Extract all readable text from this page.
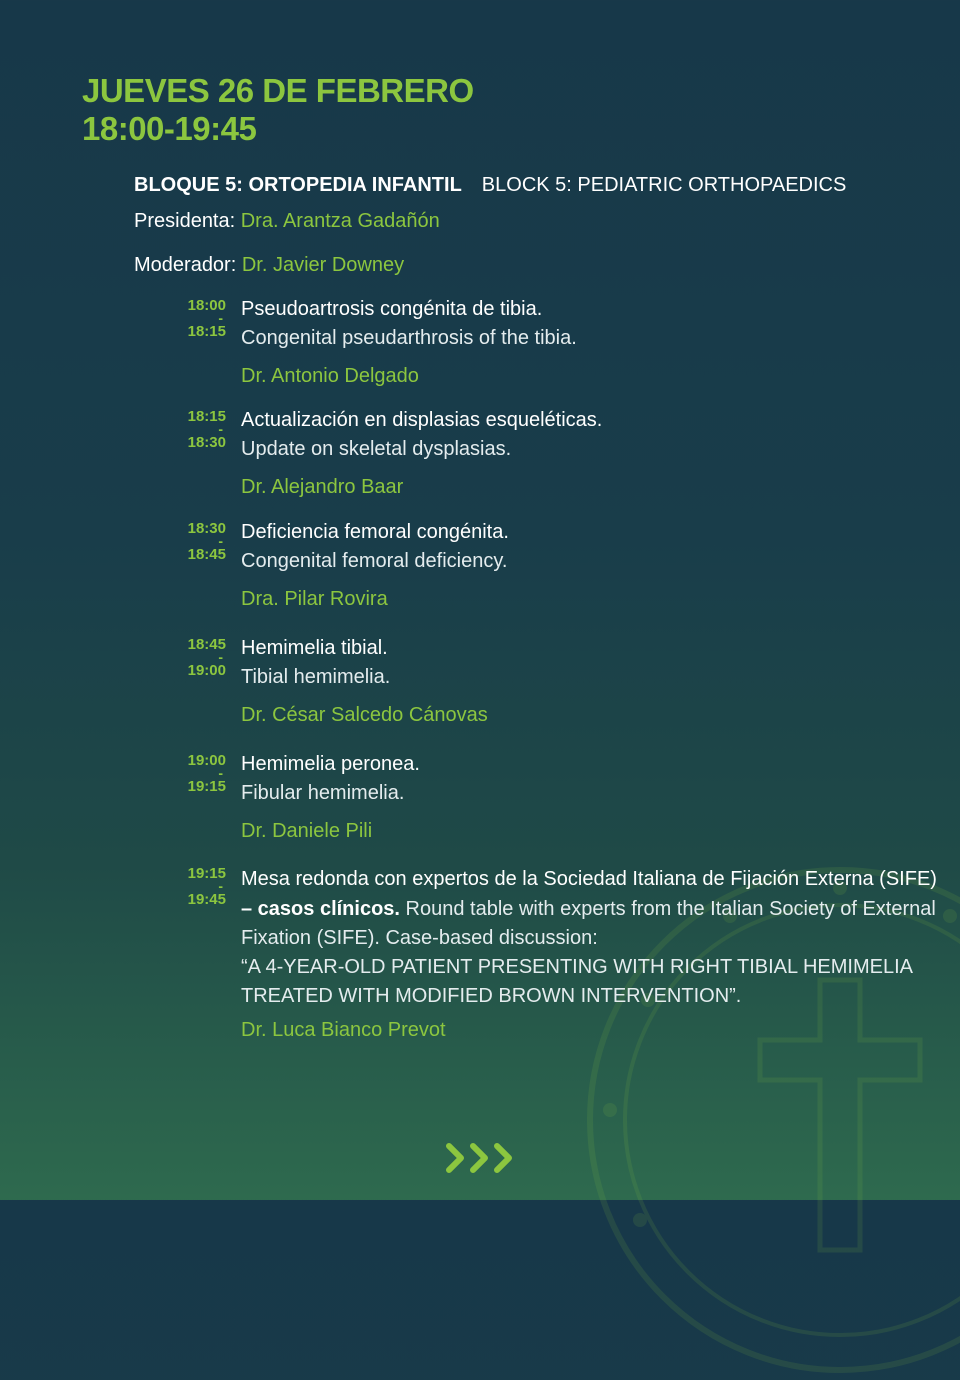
JUEVES 26 DE FEBRERO
18:00-19:45
BLOQUE 5: ORTOPEDIA INFANTIL BLOCK 5: PEDIATRIC ORTHOPAEDICS
Presidenta: Dra. Arantza Gadañón
Moderador: Dr. Javier Downey
18:00
-
18:15
Pseudoartrosis congénita de tibia.
Congenital pseudarthrosis of the tibia.
Dr. Antonio Delgado
18:15
-
18:30
Actualización en displasias esqueléticas.
Update on skeletal dysplasias.
Dr. Alejandro Baar
18:30
-
18:45
Deficiencia femoral congénita.
Congenital femoral deficiency.
Dra. Pilar Rovira
18:45
-
19:00
Hemimelia tibial.
Tibial hemimelia.
Dr. César Salcedo Cánovas
19:00
-
19:15
Hemimelia peronea.
Fibular hemimelia.
Dr. Daniele Pili
19:15
-
19:45
Mesa redonda con expertos de la Sociedad Italiana de Fijación Externa (SIFE)
– casos clínicos. Round table with experts from the Italian Society of External Fixation (SIFE). Case-based discussion:
“A 4-YEAR-OLD PATIENT PRESENTING WITH RIGHT TIBIAL HEMIMELIA TREATED WITH MODIFIED BROWN INTERVENTION”.
Dr. Luca Bianco Prevot
